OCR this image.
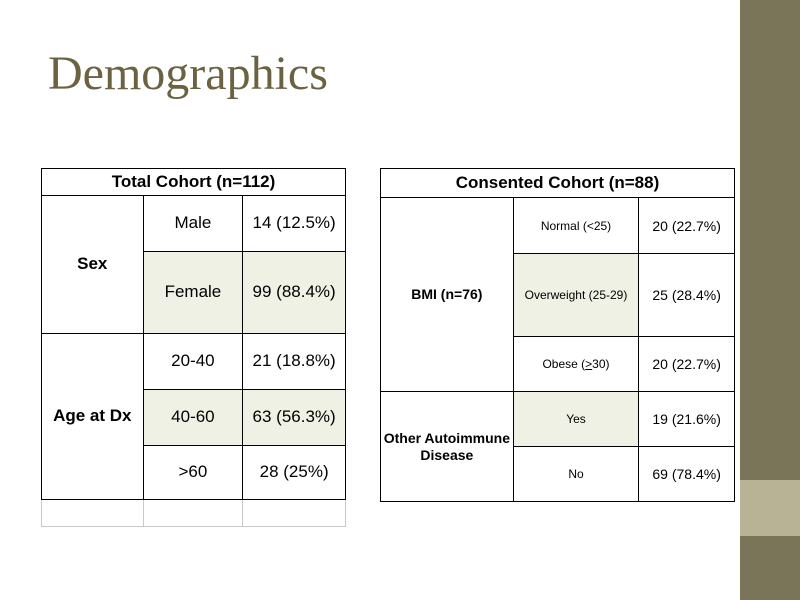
Demographics
Total Cohort (n=112)		
Sex	Male	14 (12.5%)
	Female	99 (88.4%)
Age at Dx	20-40	21 (18.8%)
	40-60	63 (56.3%)
	>60	28 (25%)

Consented Cohort (n=88)		
BMI (n=76)	Normal (<25)	20 (22.7%)
	Overweight (25-29)	25 (28.4%)
	Obese (>30)	20 (22.7%)
Other Autoimmune Disease	Yes	19 (21.6%)
	No	69 (78.4%)
